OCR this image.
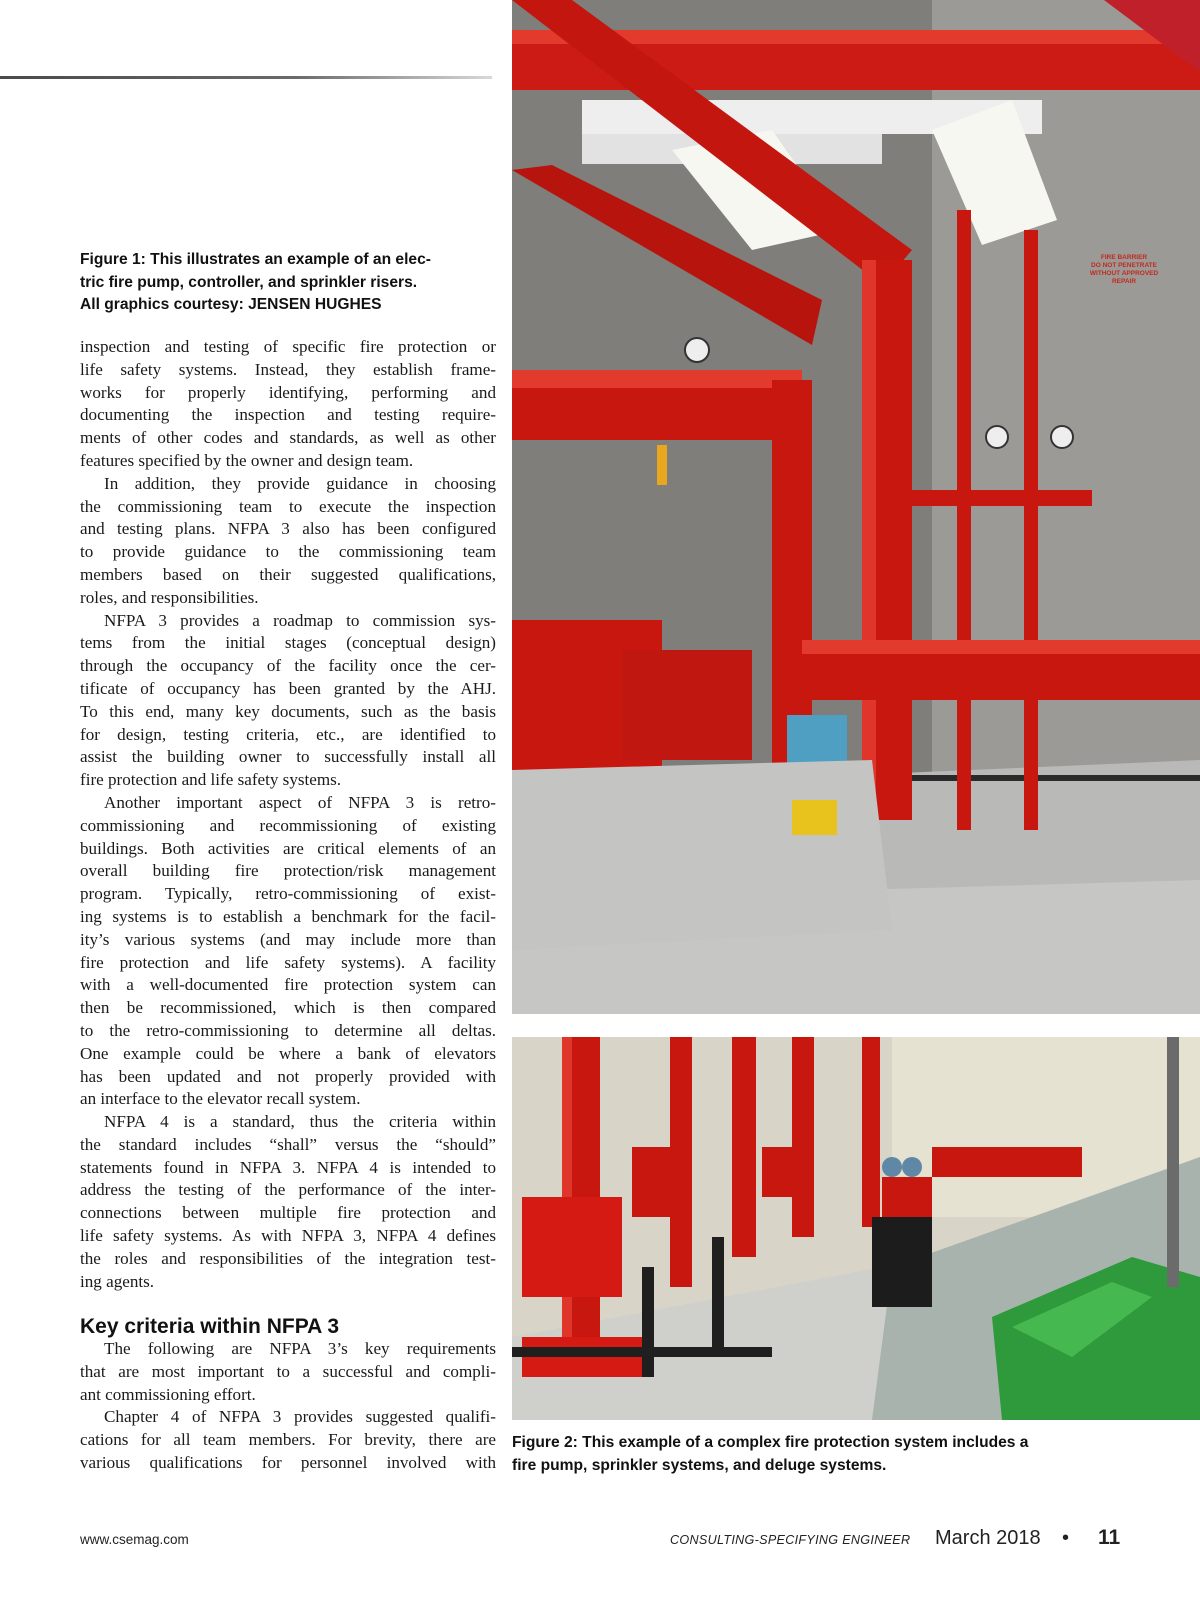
FIRE BARRIER
DO NOT PENETRATE
WITHOUT APPROVED
REPAIR
Figure 1: This illustrates an example of an elec-
tric fire pump, controller, and sprinkler risers.
All graphics courtesy: JENSEN HUGHES
inspection and testing of specific fire protection or
life safety systems. Instead, they establish frame-
works for properly identifying, performing and
documenting the inspection and testing require-
ments of other codes and standards, as well as other
features specified by the owner and design team.
In addition, they provide guidance in choosing
the commissioning team to execute the inspection
and testing plans. NFPA 3 also has been configured
to provide guidance to the commissioning team
members based on their suggested qualifications,
roles, and responsibilities.
NFPA 3 provides a roadmap to commission sys-
tems from the initial stages (conceptual design)
through the occupancy of the facility once the cer-
tificate of occupancy has been granted by the AHJ.
To this end, many key documents, such as the basis
for design, testing criteria, etc., are identified to
assist the building owner to successfully install all
fire protection and life safety systems.
Another important aspect of NFPA 3 is retro-
commissioning and recommissioning of existing
buildings. Both activities are critical elements of an
overall building fire protection/risk management
program. Typically, retro-commissioning of exist-
ing systems is to establish a benchmark for the facil-
ity’s various systems (and may include more than
fire protection and life safety systems). A facility
with a well-documented fire protection system can
then be recommissioned, which is then compared
to the retro-commissioning to determine all deltas.
One example could be where a bank of elevators
has been updated and not properly provided with
an interface to the elevator recall system.
NFPA 4 is a standard, thus the criteria within
the standard includes “shall” versus the “should”
statements found in NFPA 3. NFPA 4 is intended to
address the testing of the performance of the inter-
connections between multiple fire protection and
life safety systems. As with NFPA 3, NFPA 4 defines
the roles and responsibilities of the integration test-
ing agents.
Key criteria within NFPA 3
The following are NFPA 3’s key requirements
that are most important to a successful and compli-
ant commissioning effort.
Chapter 4 of NFPA 3 provides suggested qualifi-
cations for all team members. For brevity, there are
various qualifications for personnel involved with
Figure 2: This example of a complex fire protection system includes a
fire pump, sprinkler systems, and deluge systems.
www.csemag.com	CONSULTING-SPECIFYING ENGINEER March 2018 • 11
